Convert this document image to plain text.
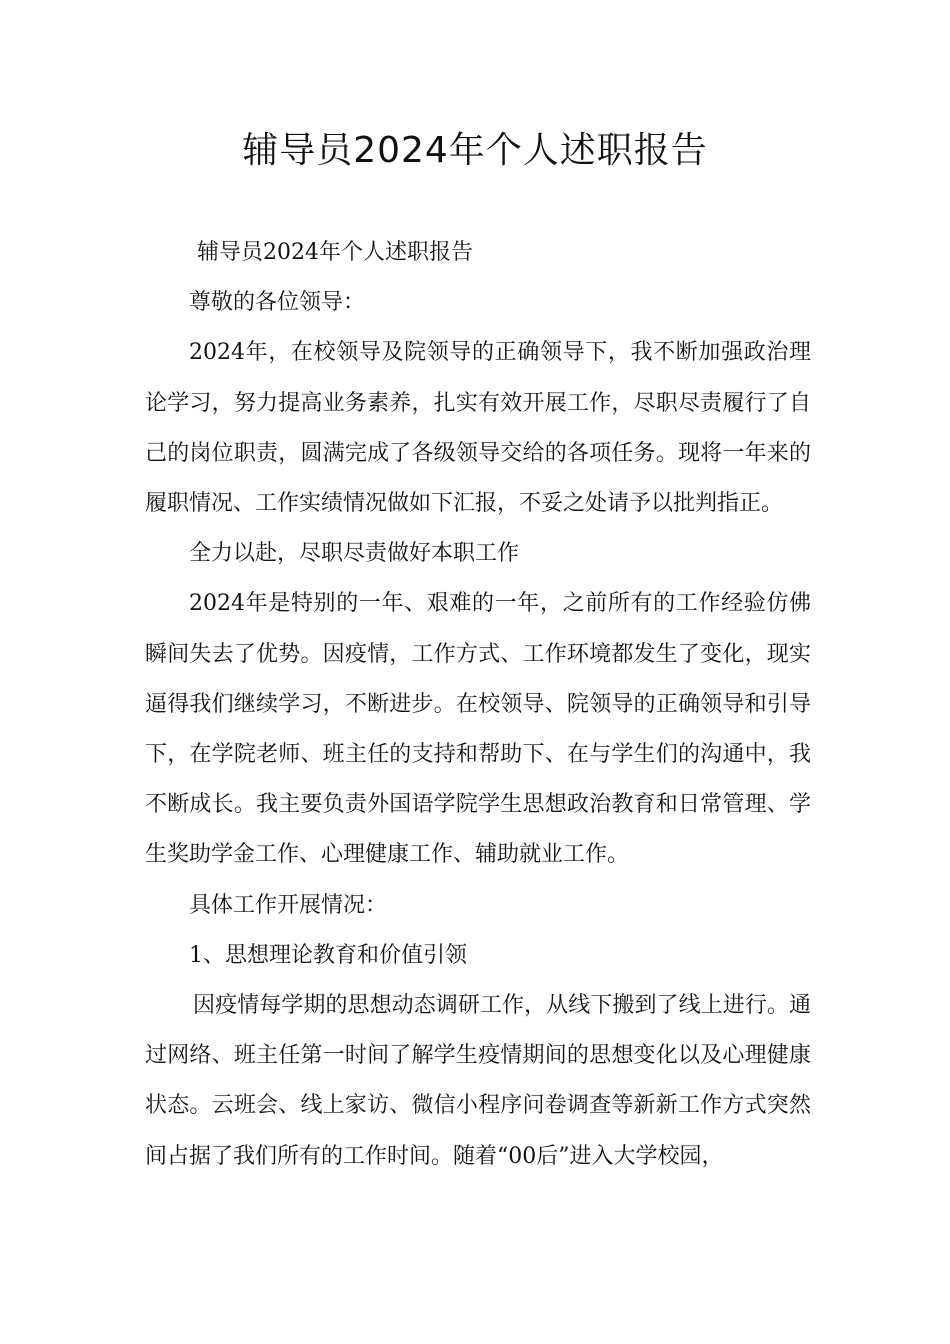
辅导员2024年个人述职报告

辅导员2024年个人述职报告

尊敬的各位领导：

2024年，在校领导及院领导的正确领导下，我不断加强政治理论学习，努力提高业务素养，扎实有效开展工作，尽职尽责履行了自己的岗位职责，圆满完成了各级领导交给的各项任务。现将一年来的履职情况、工作实绩情况做如下汇报，不妥之处请予以批判指正。

全力以赴，尽职尽责做好本职工作

2024年是特别的一年、艰难的一年，之前所有的工作经验仿佛瞬间失去了优势。因疫情，工作方式、工作环境都发生了变化，现实逼得我们继续学习，不断进步。在校领导、院领导的正确领导和引导下，在学院老师、班主任的支持和帮助下、在与学生们的沟通中，我不断成长。我主要负责外国语学院学生思想政治教育和日常管理、学生奖助学金工作、心理健康工作、辅助就业工作。

具体工作开展情况：

1、思想理论教育和价值引领

因疫情每学期的思想动态调研工作，从线下搬到了线上进行。通过网络、班主任第一时间了解学生疫情期间的思想变化以及心理健康状态。云班会、线上家访、微信小程序问卷调查等新新工作方式突然间占据了我们所有的工作时间。随着“00后”进入大学校园，
